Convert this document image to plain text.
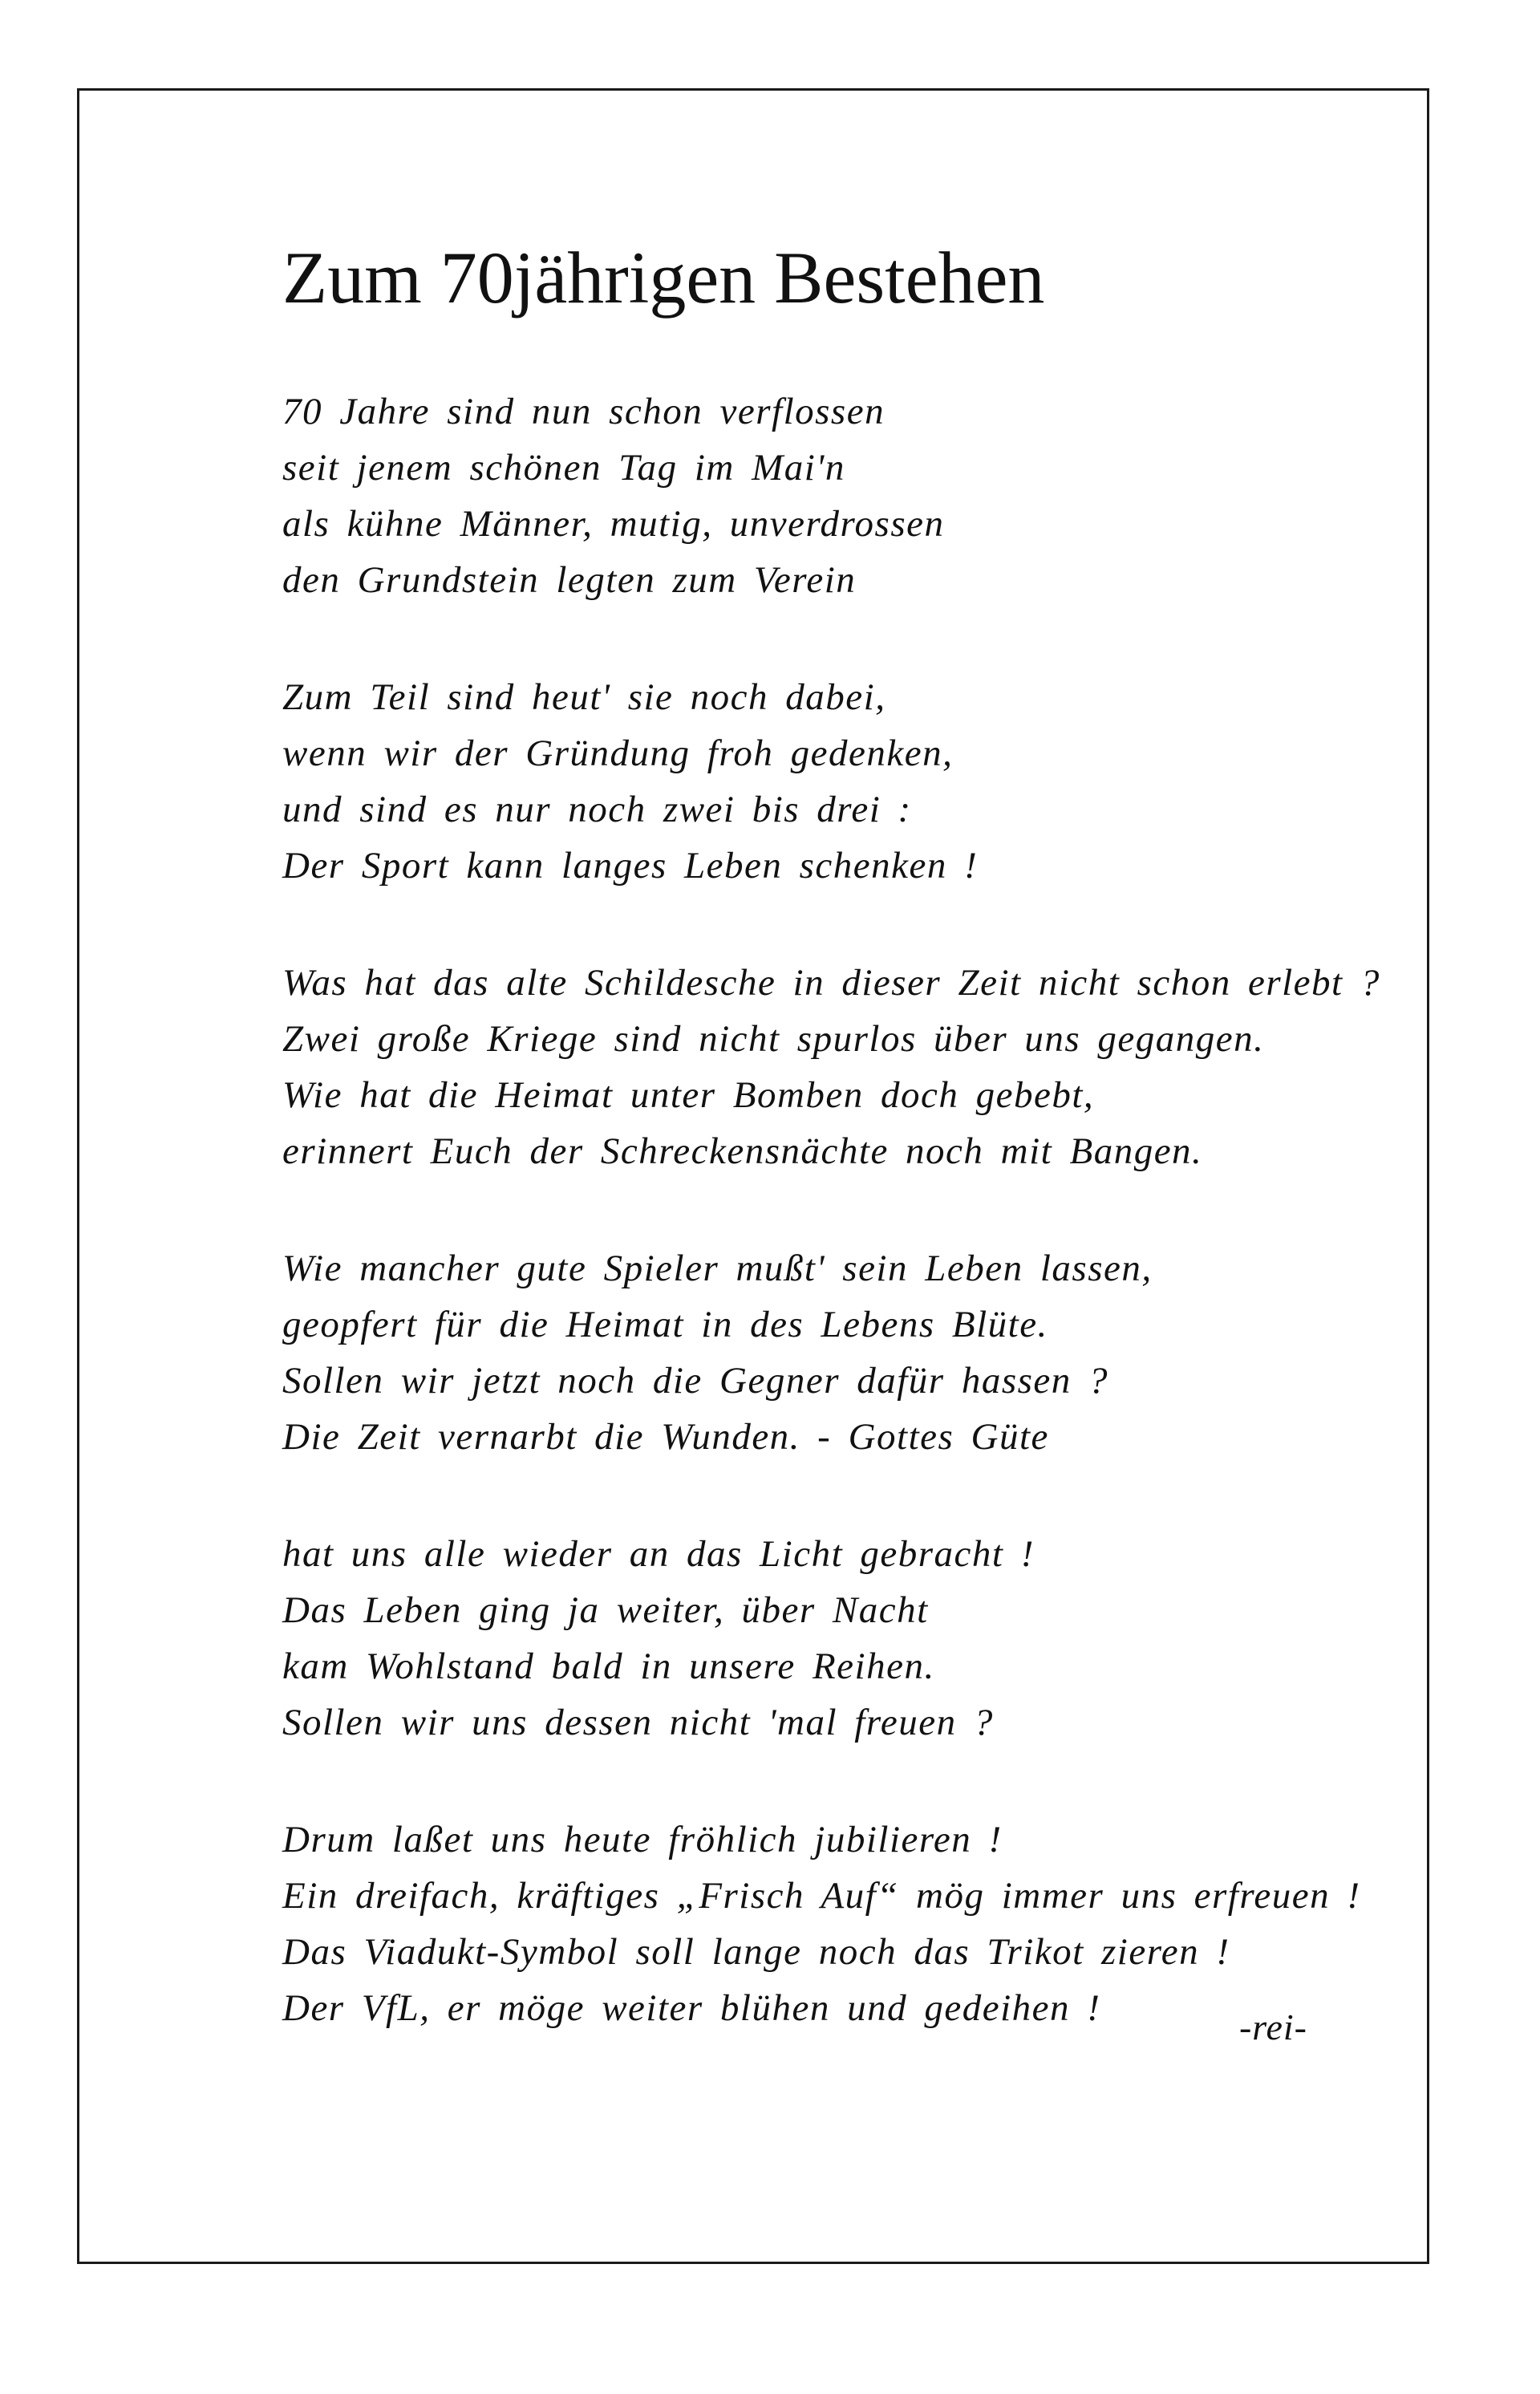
Zum 70jährigen Bestehen
70 Jahre sind nun schon verflossen
seit jenem schönen Tag im Mai'n
als kühne Männer, mutig, unverdrossen
den Grundstein legten zum Verein
Zum Teil sind heut' sie noch dabei,
wenn wir der Gründung froh gedenken,
und sind es nur noch zwei bis drei :
Der Sport kann langes Leben schenken !
Was hat das alte Schildesche in dieser Zeit nicht schon erlebt ?
Zwei große Kriege sind nicht spurlos über uns gegangen.
Wie hat die Heimat unter Bomben doch gebebt,
erinnert Euch der Schreckensnächte noch mit Bangen.
Wie mancher gute Spieler mußt' sein Leben lassen,
geopfert für die Heimat in des Lebens Blüte.
Sollen wir jetzt noch die Gegner dafür hassen ?
Die Zeit vernarbt die Wunden. - Gottes Güte
hat uns alle wieder an das Licht gebracht !
Das Leben ging ja weiter, über Nacht
kam Wohlstand bald in unsere Reihen.
Sollen wir uns dessen nicht 'mal freuen ?
Drum laßet uns heute fröhlich jubilieren !
Ein dreifach, kräftiges „Frisch Auf“ mög immer uns erfreuen !
Das Viadukt-Symbol soll lange noch das Trikot zieren !
Der VfL, er möge weiter blühen und gedeihen !	-rei-
